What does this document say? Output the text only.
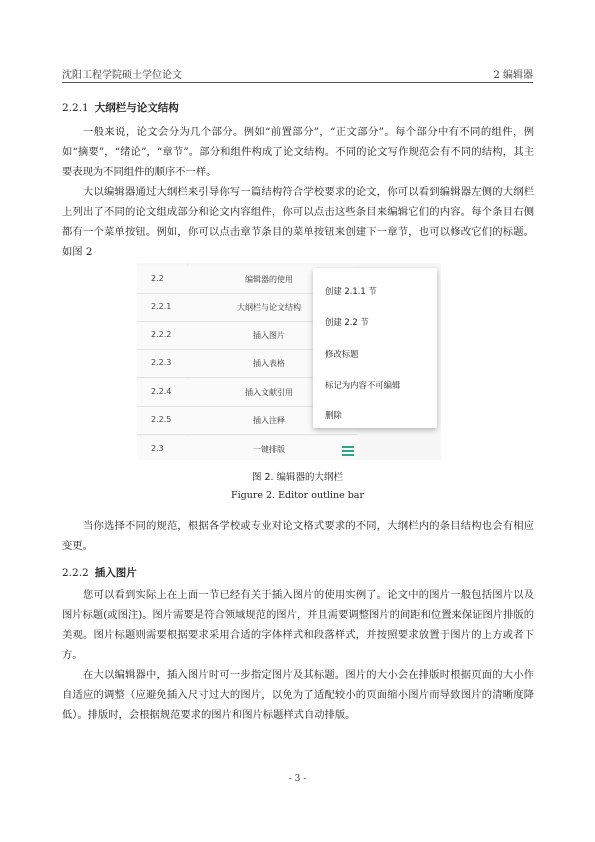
沈阳工程学院硕士学位论文	2 编辑器
2.2.1 大纲栏与论文结构

一般来说，论文会分为几个部分。例如“前置部分”，“正文部分”。每个部分中有不同的组件，例如“摘要”，“绪论”，“章节”。部分和组件构成了论文结构。不同的论文写作规范会有不同的结构，其主要表现为不同组件的顺序不一样。

大以编辑器通过大纲栏来引导你写一篇结构符合学校要求的论文，你可以看到编辑器左侧的大纲栏上列出了不同的论文组成部分和论文内容组件，你可以点击这些条目来编辑它们的内容。每个条目右侧都有一个菜单按钮。例如，你可以点击章节条目的菜单按钮来创建下一章节，也可以修改它们的标题。如图 2

2.2	编辑器的使用
2.2.1	大纲栏与论文结构
2.2.2	插入图片
2.2.3	插入表格
2.2.4	插入文献引用
2.2.5	插入注释
2.3	一键排版
创建 2.1.1 节
创建 2.2 节
修改标题
标记为内容不可编辑
删除
图 2. 编辑器的大纲栏
Figure 2. Editor outline bar

当你选择不同的规范，根据各学校或专业对论文格式要求的不同，大纲栏内的条目结构也会有相应变更。

2.2.2 插入图片

您可以看到实际上在上面一节已经有关于插入图片的使用实例了。论文中的图片一般包括图片以及图片标题(或图注)。图片需要是符合领域规范的图片，并且需要调整图片的间距和位置来保证图片排版的美观。图片标题则需要根据要求采用合适的字体样式和段落样式，并按照要求放置于图片的上方或者下方。

在大以编辑器中，插入图片时可一步指定图片及其标题。图片的大小会在排版时根据页面的大小作自适应的调整（应避免插入尺寸过大的图片，以免为了适配较小的页面缩小图片而导致图片的清晰度降低）。排版时，会根据规范要求的图片和图片标题样式自动排版。

- 3 -
